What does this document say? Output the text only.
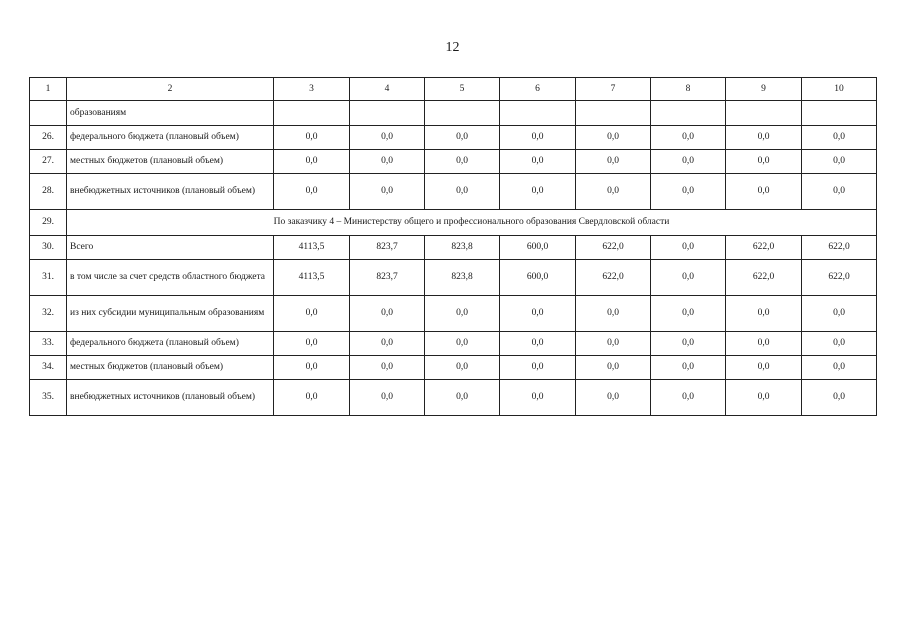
12
1	2	3	4	5	6	7	8	9	10
	образованиям								
26.	федерального бюджета (плановый объем)	0,0	0,0	0,0	0,0	0,0	0,0	0,0	0,0
27.	местных бюджетов (плановый объем)	0,0	0,0	0,0	0,0	0,0	0,0	0,0	0,0
28.	внебюджетных источников (плановый объем)	0,0	0,0	0,0	0,0	0,0	0,0	0,0	0,0
29.	По заказчику 4 – Министерству общего и профессионального образования Свердловской области								
30.	Всего	4113,5	823,7	823,8	600,0	622,0	0,0	622,0	622,0
31.	в том числе за счет средств областного бюджета	4113,5	823,7	823,8	600,0	622,0	0,0	622,0	622,0
32.	из них субсидии муниципальным образованиям	0,0	0,0	0,0	0,0	0,0	0,0	0,0	0,0
33.	федерального бюджета (плановый объем)	0,0	0,0	0,0	0,0	0,0	0,0	0,0	0,0
34.	местных бюджетов (плановый объем)	0,0	0,0	0,0	0,0	0,0	0,0	0,0	0,0
35.	внебюджетных источников (плановый объем)	0,0	0,0	0,0	0,0	0,0	0,0	0,0	0,0
